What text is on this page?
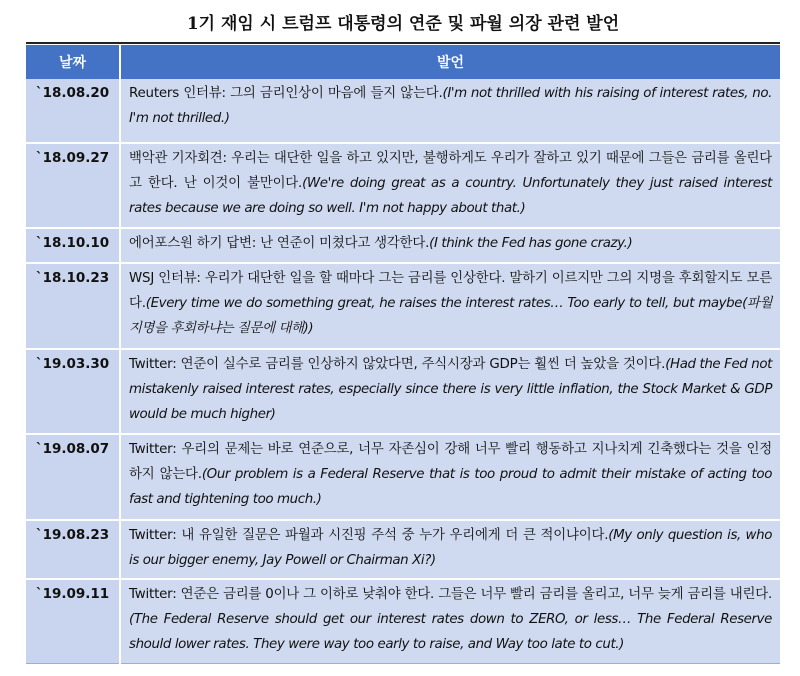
1기 재임 시 트럼프 대통령의 연준 및 파월 의장 관련 발언
날짜	발언
`18.08.20	Reuters 인터뷰: 그의 금리인상이 마음에 들지 않는다.(I'm not thrilled with his raising of interest rates, no. I'm not thrilled.)
`18.09.27	백악관 기자회견: 우리는 대단한 일을 하고 있지만, 불행하게도 우리가 잘하고 있기 때문에 그들은 금리를 올린다고 한다. 난 이것이 불만이다.(We're doing great as a country. Unfortunately they just raised interest rates because we are doing so well. I'm not happy about that.)
`18.10.10	에어포스원 하기 답변: 난 연준이 미쳤다고 생각한다.(I think the Fed has gone crazy.)
`18.10.23	WSJ 인터뷰: 우리가 대단한 일을 할 때마다 그는 금리를 인상한다. 말하기 이르지만 그의 지명을 후회할지도 모른다.(Every time we do something great, he raises the interest rates… Too early to tell, but maybe(파월 지명을 후회하냐는 질문에 대해))
`19.03.30	Twitter: 연준이 실수로 금리를 인상하지 않았다면, 주식시장과 GDP는 훨씬 더 높았을 것이다.(Had the Fed not mistakenly raised interest rates, especially since there is very little inflation, the Stock Market & GDP would be much higher)
`19.08.07	Twitter: 우리의 문제는 바로 연준으로, 너무 자존심이 강해 너무 빨리 행동하고 지나치게 긴축했다는 것을 인정하지 않는다.(Our problem is a Federal Reserve that is too proud to admit their mistake of acting too fast and tightening too much.)
`19.08.23	Twitter: 내 유일한 질문은 파월과 시진핑 주석 중 누가 우리에게 더 큰 적이냐이다.(My only question is, who is our bigger enemy, Jay Powell or Chairman Xi?)
`19.09.11	Twitter: 연준은 금리를 0이나 그 이하로 낮춰야 한다. 그들은 너무 빨리 금리를 올리고, 너무 늦게 금리를 내린다.(The Federal Reserve should get our interest rates down to ZERO, or less… The Federal Reserve should lower rates. They were way too early to raise, and Way too late to cut.)
